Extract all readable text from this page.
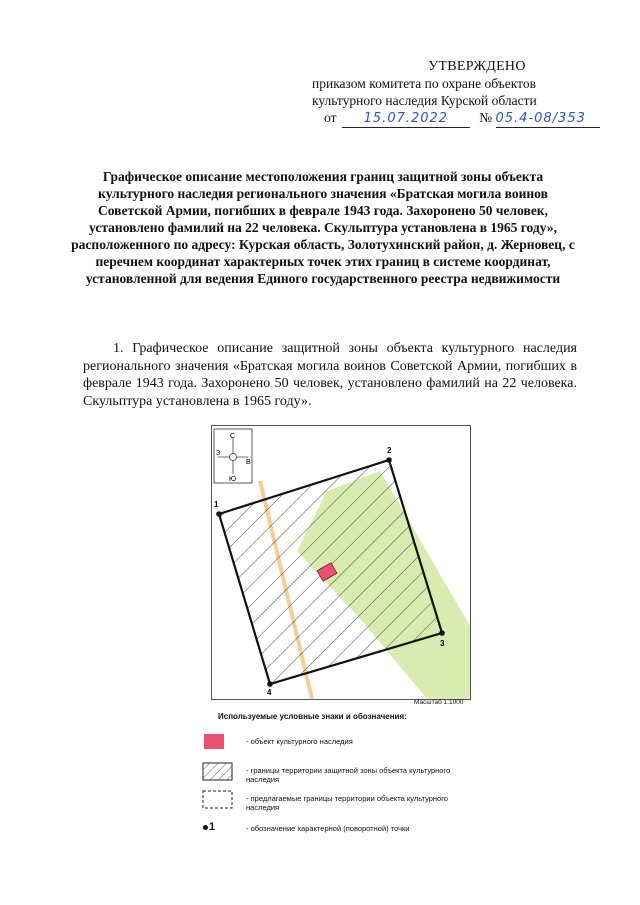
УТВЕРЖДЕНО
приказом комитета по охране объектов
культурного наследия Курской области
от 15.07.2022 № 05.4-08/353
Графическое описание местоположения границ защитной зоны объекта культурного наследия регионального значения «Братская могила воинов Советской Армии, погибших в феврале 1943 года. Захоронено 50 человек, установлено фамилий на 22 человека. Скульптура установлена в 1965 году», расположенного по адресу: Курская область, Золотухинский район, д. Жерновец, с перечнем координат характерных точек этих границ в системе координат, установленной для ведения Единого государственного реестра недвижимости
1. Графическое описание защитной зоны объекта культурного наследия регионального значения «Братская могила воинов Советской Армии, погибших в феврале 1943 года. Захоронено 50 человек, установлено фамилий на 22 человека. Скульптура установлена в 1965 году».
С
Ю
З
В
1
2
3
4
Масштаб 1:1000
Используемые условные знаки и обозначения:
- объект культурного наследия
- границы территории защитной зоны объекта культурного наследия
- предлагаемые границы территории объекта культурного наследия
1	- обозначение характерной (поворотной) точки
